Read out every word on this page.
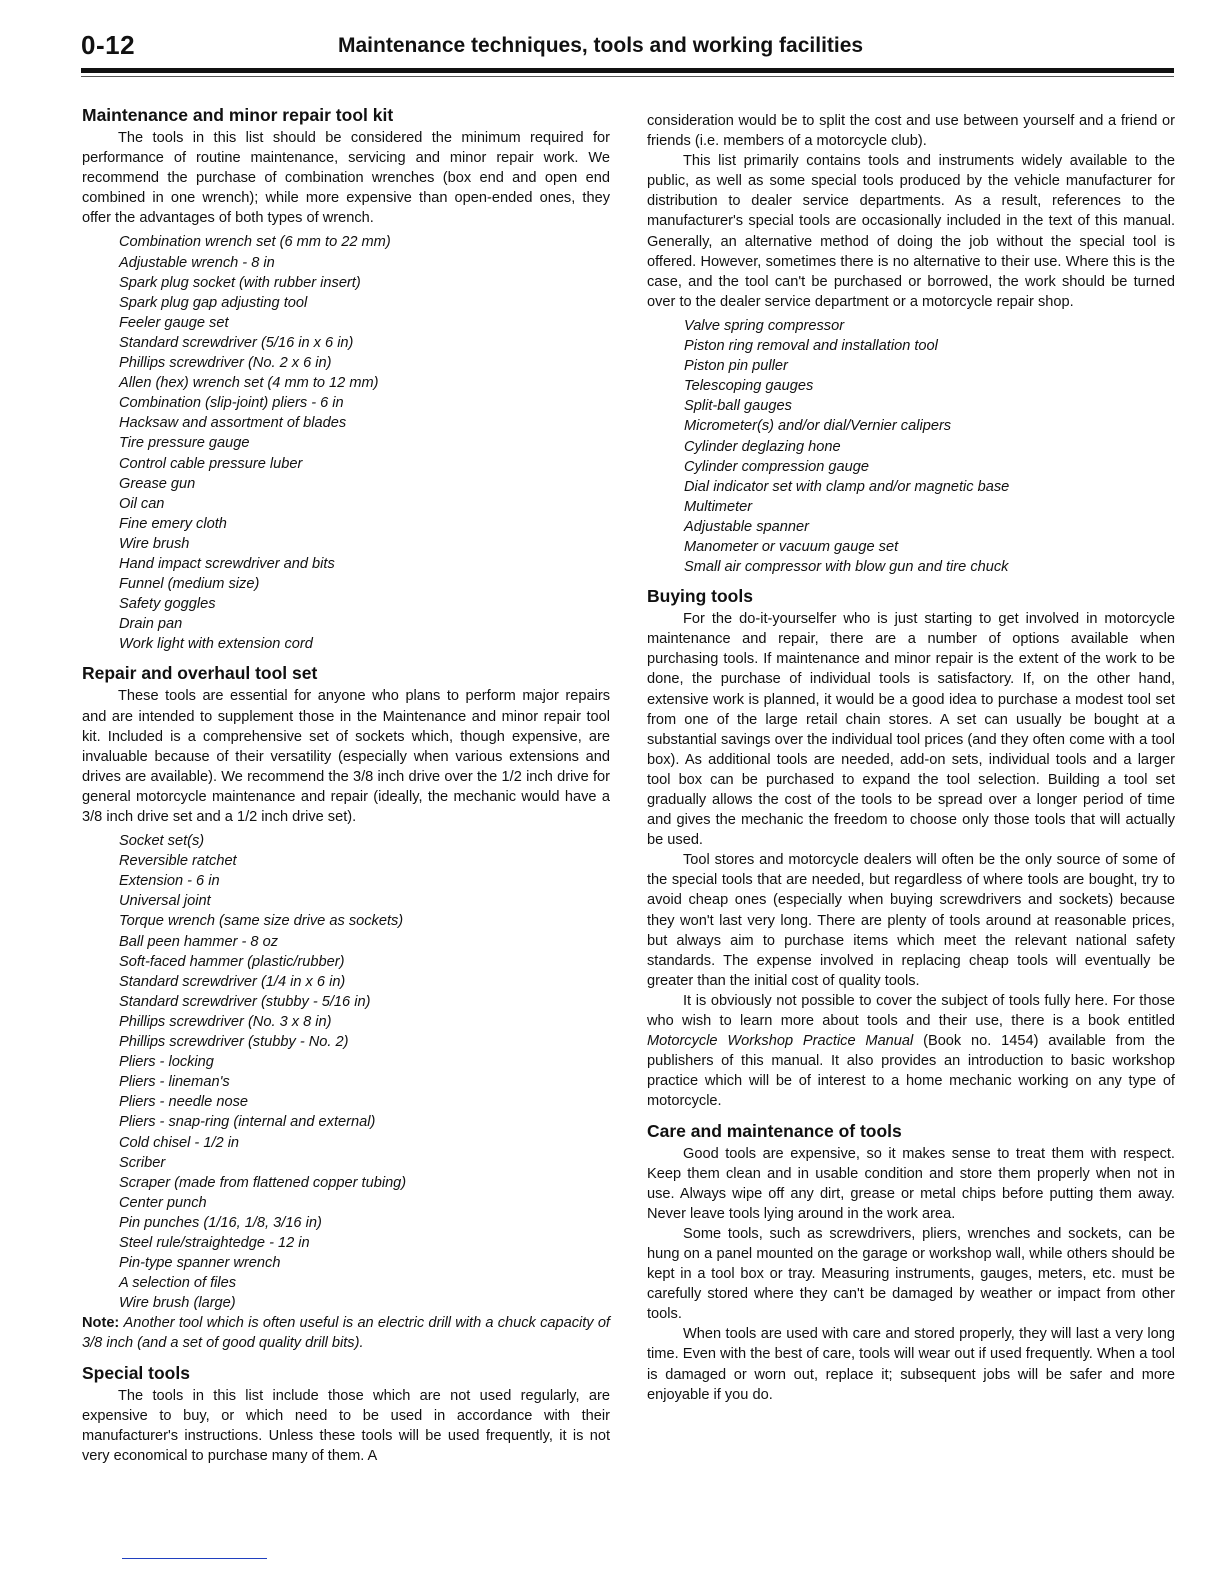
0-12	Maintenance techniques, tools and working facilities
Maintenance and minor repair tool kit

The tools in this list should be considered the minimum required for performance of routine maintenance, servicing and minor repair work. We recommend the purchase of combination wrenches (box end and open end combined in one wrench); while more expensive than open-ended ones, they offer the advantages of both types of wrench.

Combination wrench set (6 mm to 22 mm)
Adjustable wrench - 8 in
Spark plug socket (with rubber insert)
Spark plug gap adjusting tool
Feeler gauge set
Standard screwdriver (5/16 in x 6 in)
Phillips screwdriver (No. 2 x 6 in)
Allen (hex) wrench set (4 mm to 12 mm)
Combination (slip-joint) pliers - 6 in
Hacksaw and assortment of blades
Tire pressure gauge
Control cable pressure luber
Grease gun
Oil can
Fine emery cloth
Wire brush
Hand impact screwdriver and bits
Funnel (medium size)
Safety goggles
Drain pan
Work light with extension cord
Repair and overhaul tool set

These tools are essential for anyone who plans to perform major repairs and are intended to supplement those in the Maintenance and minor repair tool kit. Included is a comprehensive set of sockets which, though expensive, are invaluable because of their versatility (especially when various extensions and drives are available). We recommend the 3/8 inch drive over the 1/2 inch drive for general motorcycle maintenance and repair (ideally, the mechanic would have a 3/8 inch drive set and a 1/2 inch drive set).

Socket set(s)
Reversible ratchet
Extension - 6 in
Universal joint
Torque wrench (same size drive as sockets)
Ball peen hammer - 8 oz
Soft-faced hammer (plastic/rubber)
Standard screwdriver (1/4 in x 6 in)
Standard screwdriver (stubby - 5/16 in)
Phillips screwdriver (No. 3 x 8 in)
Phillips screwdriver (stubby - No. 2)
Pliers - locking
Pliers - lineman's
Pliers - needle nose
Pliers - snap-ring (internal and external)
Cold chisel - 1/2 in
Scriber
Scraper (made from flattened copper tubing)
Center punch
Pin punches (1/16, 1/8, 3/16 in)
Steel rule/straightedge - 12 in
Pin-type spanner wrench
A selection of files
Wire brush (large)

Note: Another tool which is often useful is an electric drill with a chuck capacity of 3/8 inch (and a set of good quality drill bits).

Special tools

The tools in this list include those which are not used regularly, are expensive to buy, or which need to be used in accordance with their manufacturer's instructions. Unless these tools will be used frequently, it is not very economical to purchase many of them. A

consideration would be to split the cost and use between yourself and a friend or friends (i.e. members of a motorcycle club).

This list primarily contains tools and instruments widely available to the public, as well as some special tools produced by the vehicle manufacturer for distribution to dealer service departments. As a result, references to the manufacturer's special tools are occasionally included in the text of this manual. Generally, an alternative method of doing the job without the special tool is offered. However, sometimes there is no alternative to their use. Where this is the case, and the tool can't be purchased or borrowed, the work should be turned over to the dealer service department or a motorcycle repair shop.

Valve spring compressor
Piston ring removal and installation tool
Piston pin puller
Telescoping gauges
Split-ball gauges
Micrometer(s) and/or dial/Vernier calipers
Cylinder deglazing hone
Cylinder compression gauge
Dial indicator set with clamp and/or magnetic base
Multimeter
Adjustable spanner
Manometer or vacuum gauge set
Small air compressor with blow gun and tire chuck
Buying tools

For the do-it-yourselfer who is just starting to get involved in motorcycle maintenance and repair, there are a number of options available when purchasing tools. If maintenance and minor repair is the extent of the work to be done, the purchase of individual tools is satisfactory. If, on the other hand, extensive work is planned, it would be a good idea to purchase a modest tool set from one of the large retail chain stores. A set can usually be bought at a substantial savings over the individual tool prices (and they often come with a tool box). As additional tools are needed, add-on sets, individual tools and a larger tool box can be purchased to expand the tool selection. Building a tool set gradually allows the cost of the tools to be spread over a longer period of time and gives the mechanic the freedom to choose only those tools that will actually be used.

Tool stores and motorcycle dealers will often be the only source of some of the special tools that are needed, but regardless of where tools are bought, try to avoid cheap ones (especially when buying screwdrivers and sockets) because they won't last very long. There are plenty of tools around at reasonable prices, but always aim to purchase items which meet the relevant national safety standards. The expense involved in replacing cheap tools will eventually be greater than the initial cost of quality tools.

It is obviously not possible to cover the subject of tools fully here. For those who wish to learn more about tools and their use, there is a book entitled Motorcycle Workshop Practice Manual (Book no. 1454) available from the publishers of this manual. It also provides an introduction to basic workshop practice which will be of interest to a home mechanic working on any type of motorcycle.

Care and maintenance of tools

Good tools are expensive, so it makes sense to treat them with respect. Keep them clean and in usable condition and store them properly when not in use. Always wipe off any dirt, grease or metal chips before putting them away. Never leave tools lying around in the work area.

Some tools, such as screwdrivers, pliers, wrenches and sockets, can be hung on a panel mounted on the garage or workshop wall, while others should be kept in a tool box or tray. Measuring instruments, gauges, meters, etc. must be carefully stored where they can't be damaged by weather or impact from other tools.

When tools are used with care and stored properly, they will last a very long time. Even with the best of care, tools will wear out if used frequently. When a tool is damaged or worn out, replace it; subsequent jobs will be safer and more enjoyable if you do.
